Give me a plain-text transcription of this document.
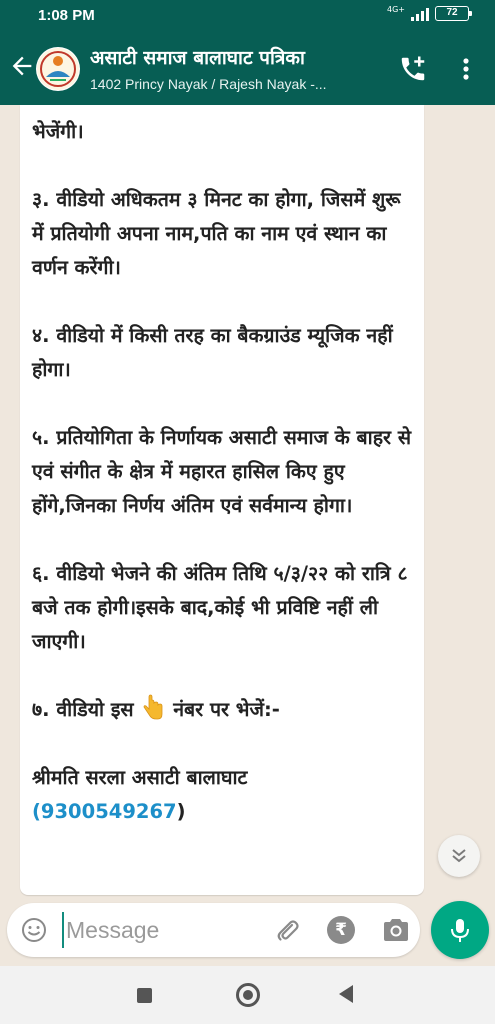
1:08 PM	4G+	72
असाटी समाज बालाघाट पत्रिका
1402 Princy Nayak / Rajesh Nayak -...
भेजेंगी।
३. वीडियो अधिकतम ३ मिनट का होगा, जिसमें शुरू में प्रतियोगी अपना नाम,पति का नाम एवं स्थान का वर्णन करेंगी।
४. वीडियो में किसी तरह का बैकग्राउंड म्यूजिक नहीं होगा।
५. प्रतियोगिता के निर्णायक असाटी समाज के बाहर से एवं संगीत के क्षेत्र में महारत हासिल किए हुए होंगे,जिनका निर्णय अंतिम एवं सर्वमान्य होगा।
६. वीडियो भेजने की अंतिम तिथि ५/३/२२ को रात्रि ८ बजे तक होगी।इसके बाद,कोई भी प्रविष्टि नहीं ली जाएगी।
७. वीडियो इस नंबर पर भेजें:-
श्रीमति सरला असाटी बालाघाट
(9300549267)
Message
₹
